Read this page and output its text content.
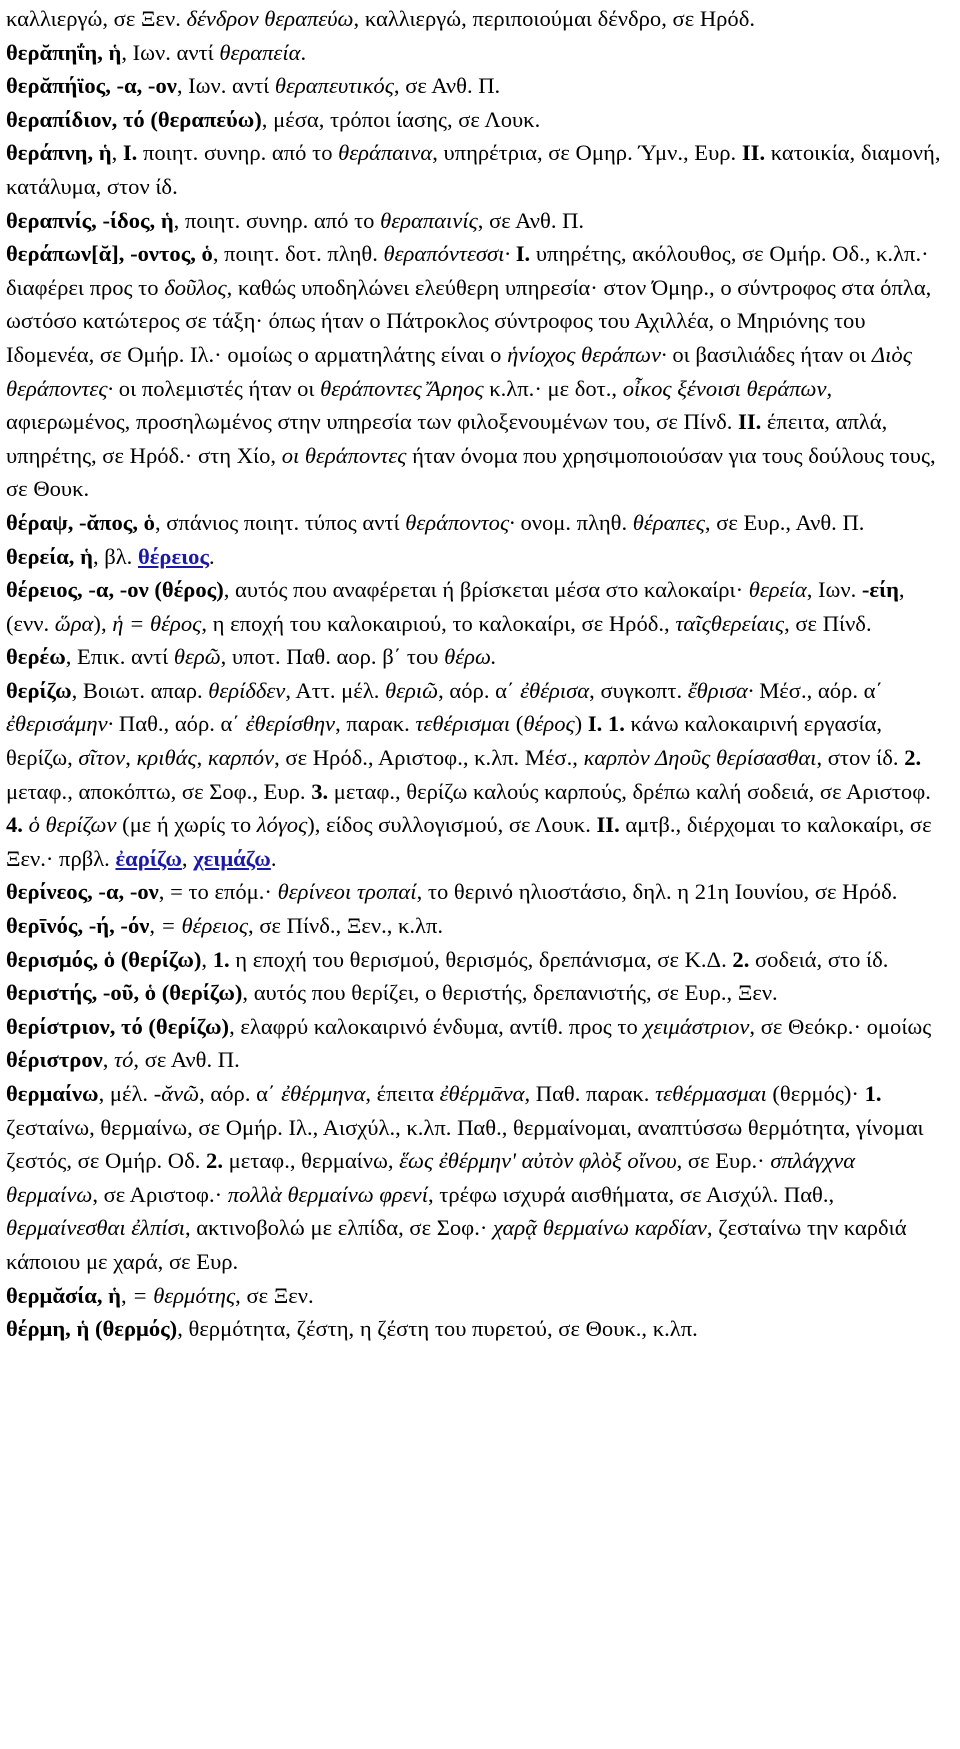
καλλιεργώ, σε Ξεν. δένδρον θεραπεύω, καλλιεργώ, περιποιούμαι δένδρο, σε Ηρόδ.

θερᾰπηΐη, ἡ, Ιων. αντί θεραπεία.

θερᾰπήϊος, -α, -ον, Ιων. αντί θεραπευτικός, σε Ανθ. Π.

θεραπίδιον, τό (θεραπεύω), μέσα, τρόποι ίασης, σε Λουκ.

θεράπνη, ἡ, I. ποιητ. συνηρ. από το θεράπαινα, υπηρέτρια, σε Ομηρ. Ύμν., Ευρ. II. κατοικία, διαμονή, κατάλυμα, στον ίδ.

θεραπνίς, -ίδος, ἡ, ποιητ. συνηρ. από το θεραπαινίς, σε Ανθ. Π.

θεράπων[ᾰ], -οντος, ὁ, ποιητ. δοτ. πληθ. θεραπόντεσσι· I. υπηρέτης, ακόλουθος, σε Ομήρ. Οδ., κ.λπ.· διαφέρει προς το δοῦλος, καθώς υποδηλώνει ελεύθερη υπηρεσία· στον Όμηρ., ο σύντροφος στα όπλα, ωστόσο κατώτερος σε τάξη· όπως ήταν ο Πάτροκλος σύντροφος του Αχιλλέα, ο Μηριόνης του Ιδομενέα, σε Ομήρ. Ιλ.· ομοίως ο αρματηλάτης είναι ο ἡνίοχος θεράπων· οι βασιλιάδες ήταν οι Διὸς θεράποντες· οι πολεμιστές ήταν οι θεράποντες Ἄρηος κ.λπ.· με δοτ., οἶκος ξένοισι θεράπων, αφιερωμένος, προσηλωμένος στην υπηρεσία των φιλοξενουμένων του, σε Πίνδ. II. έπειτα, απλά, υπηρέτης, σε Ηρόδ.· στη Χίο, οι θεράποντες ήταν όνομα που χρησιμοποιούσαν για τους δούλους τους, σε Θουκ.

θέραψ, -ᾰπος, ὁ, σπάνιος ποιητ. τύπος αντί θεράποντος· ονομ. πληθ. θέραπες, σε Ευρ., Ανθ. Π.

θερεία, ἡ, βλ. θέρειος.

θέρειος, -α, -ον (θέρος), αυτός που αναφέρεται ή βρίσκεται μέσα στο καλοκαίρι· θερεία, Ιων. -είη, (ενν. ὥρα), ἡ = θέρος, η εποχή του καλοκαιριού, το καλοκαίρι, σε Ηρόδ., ταῖςθερείαις, σε Πίνδ.

θερέω, Επικ. αντί θερῶ, υποτ. Παθ. αορ. β΄ του θέρω.

θερίζω, Βοιωτ. απαρ. θερίδδεν, Αττ. μέλ. θεριῶ, αόρ. α΄ ἐθέρισα, συγκοπτ. ἔθρισα· Μέσ., αόρ. α΄ ἐθερισάμην· Παθ., αόρ. α΄ ἐθερίσθην, παρακ. τεθέρισμαι (θέρος) I. 1. κάνω καλοκαιρινή εργασία, θερίζω, σῖτον, κριθάς, καρπόν, σε Ηρόδ., Αριστοφ., κ.λπ. Μέσ., καρπὸν Δηοῦς θερίσασθαι, στον ίδ. 2. μεταφ., αποκόπτω, σε Σοφ., Ευρ. 3. μεταφ., θερίζω καλούς καρπούς, δρέπω καλή σοδειά, σε Αριστοφ. 4. ὁ θερίζων (με ή χωρίς το λόγος), είδος συλλογισμού, σε Λουκ. II. αμτβ., διέρχομαι το καλοκαίρι, σε Ξεν.· πρβλ. ἐαρίζω, χειμάζω.

θερίνεος, -α, -ον, = το επόμ.· θερίνεοι τροπαί, το θερινό ηλιοστάσιο, δηλ. η 21η Ιουνίου, σε Ηρόδ.

θερῑνός, -ή, -όν, = θέρειος, σε Πίνδ., Ξεν., κ.λπ.

θερισμός, ὁ (θερίζω), 1. η εποχή του θερισμού, θερισμός, δρεπάνισμα, σε Κ.Δ. 2. σοδειά, στο ίδ.

θεριστής, -οῦ, ὁ (θερίζω), αυτός που θερίζει, ο θεριστής, δρεπανιστής, σε Ευρ., Ξεν.

θερίστριον, τό (θερίζω), ελαφρύ καλοκαιρινό ένδυμα, αντίθ. προς το χειμάστριον, σε Θεόκρ.· ομοίως θέριστρον, τό, σε Ανθ. Π.

θερμαίνω, μέλ. -ᾰνῶ, αόρ. α΄ ἐθέρμηνα, έπειτα ἐθέρμᾱνα, Παθ. παρακ. τεθέρμασμαι (θερμός)· 1. ζεσταίνω, θερμαίνω, σε Ομήρ. Ιλ., Αισχύλ., κ.λπ. Παθ., θερμαίνομαι, αναπτύσσω θερμότητα, γίνομαι ζεστός, σε Ομήρ. Οδ. 2. μεταφ., θερμαίνω, ἕως ἐθέρμην' αὐτὸν φλὸξ οἴνου, σε Ευρ.· σπλάγχνα θερμαίνω, σε Αριστοφ.· πολλὰ θερμαίνω φρενί, τρέφω ισχυρά αισθήματα, σε Αισχύλ. Παθ., θερμαίνεσθαι ἐλπίσι, ακτινοβολώ με ελπίδα, σε Σοφ.· χαρᾷ θερμαίνω καρδίαν, ζεσταίνω την καρδιά κάποιου με χαρά, σε Ευρ.

θερμᾰσία, ἡ, = θερμότης, σε Ξεν.

θέρμη, ἡ (θερμός), θερμότητα, ζέστη, η ζέστη του πυρετού, σε Θουκ., κ.λπ.
